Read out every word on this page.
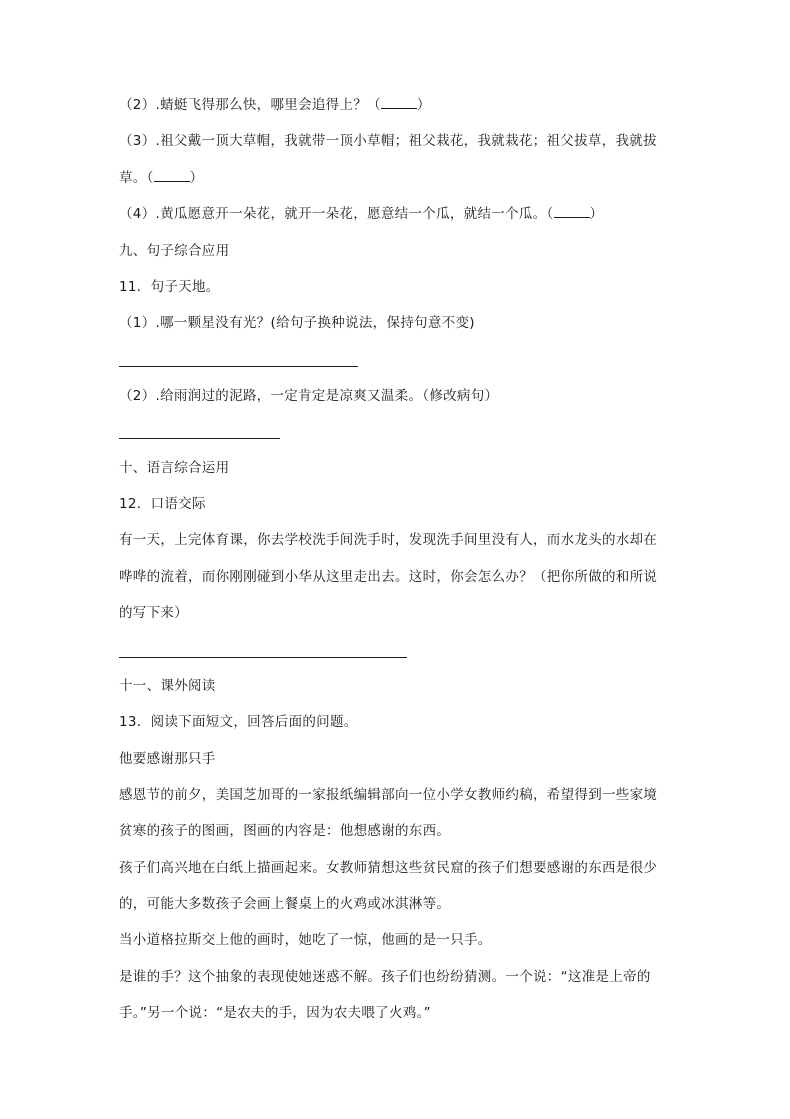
（2）.蜻蜓飞得那么快，哪里会追得上？（	）
（3）.祖父戴一顶大草帽，我就带一顶小草帽；祖父栽花，我就栽花；祖父拔草，我就拔
草。（	）
（4）.黄瓜愿意开一朵花，就开一朵花，愿意结一个瓜，就结一个瓜。（	）
九、句子综合应用
11．句子天地。
（1）.哪一颗星没有光？(给句子换种说法，保持句意不变)
（2）.给雨润过的泥路，一定肯定是凉爽又温柔。（修改病句）
十、语言综合运用
12．口语交际
有一天，上完体育课，你去学校洗手间洗手时，发现洗手间里没有人，而水龙头的水却在
哗哗的流着，而你刚刚碰到小华从这里走出去。这时，你会怎么办？（把你所做的和所说
的写下来）
十一、课外阅读
13．阅读下面短文，回答后面的问题。
他要感谢那只手
感恩节的前夕，美国芝加哥的一家报纸编辑部向一位小学女教师约稿，希望得到一些家境
贫寒的孩子的图画，图画的内容是：他想感谢的东西。
孩子们高兴地在白纸上描画起来。女教师猜想这些贫民窟的孩子们想要感谢的东西是很少
的，可能大多数孩子会画上餐桌上的火鸡或冰淇淋等。
当小道格拉斯交上他的画时，她吃了一惊，他画的是一只手。
是谁的手？这个抽象的表现使她迷惑不解。孩子们也纷纷猜测。一个说：“这准是上帝的
手。”另一个说：“是农夫的手，因为农夫喂了火鸡。”
